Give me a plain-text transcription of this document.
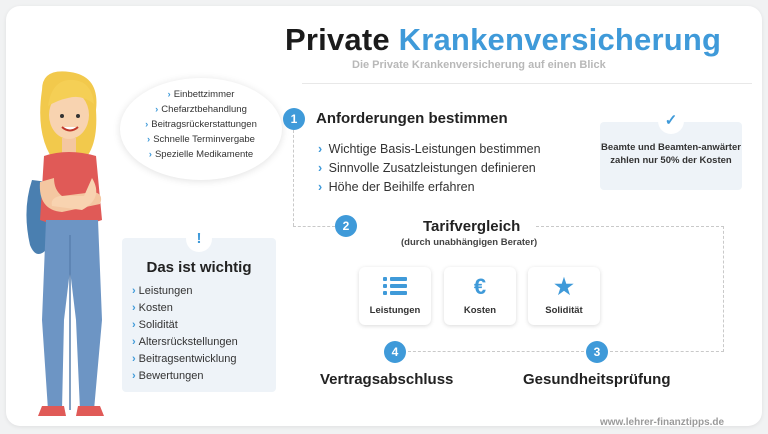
Private Krankenversicherung
Die Private Krankenversicherung auf einen Blick
› Einbettzimmer
› Chefarztbehandlung
› Beitragsrückerstattungen
› Schnelle Terminvergabe
› Spezielle Medikamente
!
Das ist wichtig
› Leistungen
› Kosten
› Solidität
› Altersrückstellungen
› Beitragsentwicklung
› Bewertungen
1	Anforderungen bestimmen
› Wichtige Basis-Leistungen bestimmen
› Sinnvolle Zusatzleistungen definieren
› Höhe der Beihilfe erfahren
✓

Beamte und Beamten-anwärter zahlen nur 50% der Kosten

2	Tarifvergleich
(durch unabhängigen Berater)
Leistungen
€
Kosten
★
Solidität
4
Vertragsabschluss
3
Gesundheitsprüfung
www.lehrer-finanztipps.de
